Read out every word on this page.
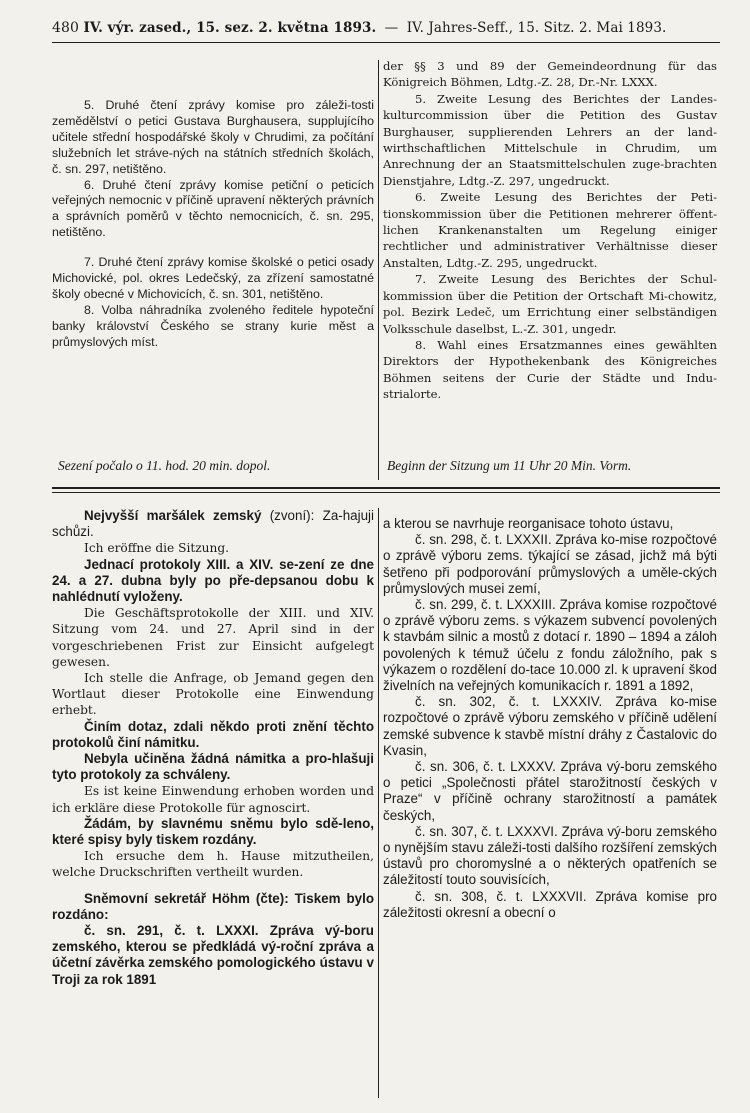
480 IV. výr. zased., 15. sez. 2. května 1893. — IV. Jahres-Seff., 15. Sitz. 2. Mai 1893.

der §§ 3 und 89 der Gemeindeordnung für das Königreich Böhmen, Ldtg.-Z. 28, Dr.-Nr. LXXX.

5. Zweite Lesung des Berichtes der Landes-kulturcommission über die Petition des Gustav Burghauser, supplierenden Lehrers an der land-wirthschaftlichen Mittelschule in Chrudim, um Anrechnung der an Staatsmittelschulen zuge-brachten Dienstjahre, Ldtg.-Z. 297, ungedruckt.

6. Zweite Lesung des Berichtes der Peti-tionskommission über die Petitionen mehrerer öffent-lichen Krankenanstalten um Regelung einiger rechtlicher und administrativer Verhältnisse dieser Anstalten, Ldtg.-Z. 295, ungedruckt.

7. Zweite Lesung des Berichtes der Schul-kommission über die Petition der Ortschaft Mi-chowitz, pol. Bezirk Ledeč, um Errichtung einer selbständigen Volksschule daselbst, L.-Z. 301, ungedr.

8. Wahl eines Ersatzmannes eines gewählten Direktors der Hypothekenbank des Königreiches Böhmen seitens der Curie der Städte und Indu-strialorte.

5. Druhé čtení zprávy komise pro záleži-tosti zemědělství o petici Gustava Burghausera, supplujícího učitele střední hospodářské školy v Chrudimi, za počítání služebních let stráve-ných na státních středních školách, č. sn. 297, netištěno.

6. Druhé čtení zprávy komise petiční o peticích veřejných nemocnic v příčině upravení některých právních a správních poměrů v těchto nemocnicích, č. sn. 295, netištěno.

7. Druhé čtení zprávy komise školské o petici osady Michovické, pol. okres Ledečský, za zřízení samostatné školy obecné v Michovicích, č. sn. 301, netištěno.

8. Volba náhradníka zvoleného ředitele hypoteční banky království Českého se strany kurie měst a průmyslových míst.

Sezení počalo o 11. hod. 20 min. dopol.	Beginn der Sitzung um 11 Uhr 20 Min. Vorm.

Nejvyšší maršálek zemský (zvoní): Za-hajuji schůzi.

Ich eröffne die Sitzung.

Jednací protokoly XIII. a XIV. se-zení ze dne 24. a 27. dubna byly po pře-depsanou dobu k nahlédnutí vyloženy.

Die Geschäftsprotokolle der XIII. und XIV. Sitzung vom 24. und 27. April sind in der vorgeschriebenen Frist zur Einsicht aufgelegt gewesen.

Ich stelle die Anfrage, ob Jemand gegen den Wortlaut dieser Protokolle eine Einwendung erhebt.

Činím dotaz, zdali někdo proti znění těchto protokolů činí námitku.

Nebyla učiněna žádná námitka a pro-hlašuji tyto protokoly za schváleny.

Es ist keine Einwendung erhoben worden und ich erkläre diese Protokolle für agnoscirt.

Žádám, by slavnému sněmu bylo sdě-leno, které spisy byly tiskem rozdány.

Ich ersuche dem h. Hause mitzutheilen, welche Druckschriften vertheilt wurden.

Sněmovní sekretář Höhm (čte): Tiskem bylo rozdáno:

č. sn. 291, č. t. LXXXI. Zpráva vý-boru zemského, kterou se předkládá vý-roční zpráva a účetní závěrka zemského pomologického ústavu v Troji za rok 1891

a kterou se navrhuje reorganisace tohoto ústavu,

č. sn. 298, č. t. LXXXII. Zpráva ko-mise rozpočtové o zprávě výboru zems. týkající se zásad, jichž má býti šetřeno při podporování průmyslových a uměle-ckých průmyslových musei zemí,

č. sn. 299, č. t. LXXXIII. Zpráva komise rozpočtové o zprávě výboru zems. s výkazem subvencí povolených k stavbám silnic a mostů z dotací r. 1890 – 1894 a záloh povolených k témuž účelu z fondu záložního, pak s výkazem o rozdělení do-tace 10.000 zl. k upravení škod živelních na veřejných komunikacích r. 1891 a 1892,

č. sn. 302, č. t. LXXXIV. Zpráva ko-mise rozpočtové o zprávě výboru zemského v příčině udělení zemské subvence k stavbě místní dráhy z Častalovic do Kvasin,

č. sn. 306, č. t. LXXXV. Zpráva vý-boru zemského o petici „Společnosti přátel starožitností českých v Praze“ v příčině ochrany starožitností a památek českých,

č. sn. 307, č. t. LXXXVI. Zpráva vý-boru zemského o nynějším stavu záleži-tosti dalšího rozšíření zemských ústavů pro choromyslné a o některých opatřeních se záležitostí touto souvisících,

č. sn. 308, č. t. LXXXVII. Zpráva komise pro záležitosti okresní a obecní o
